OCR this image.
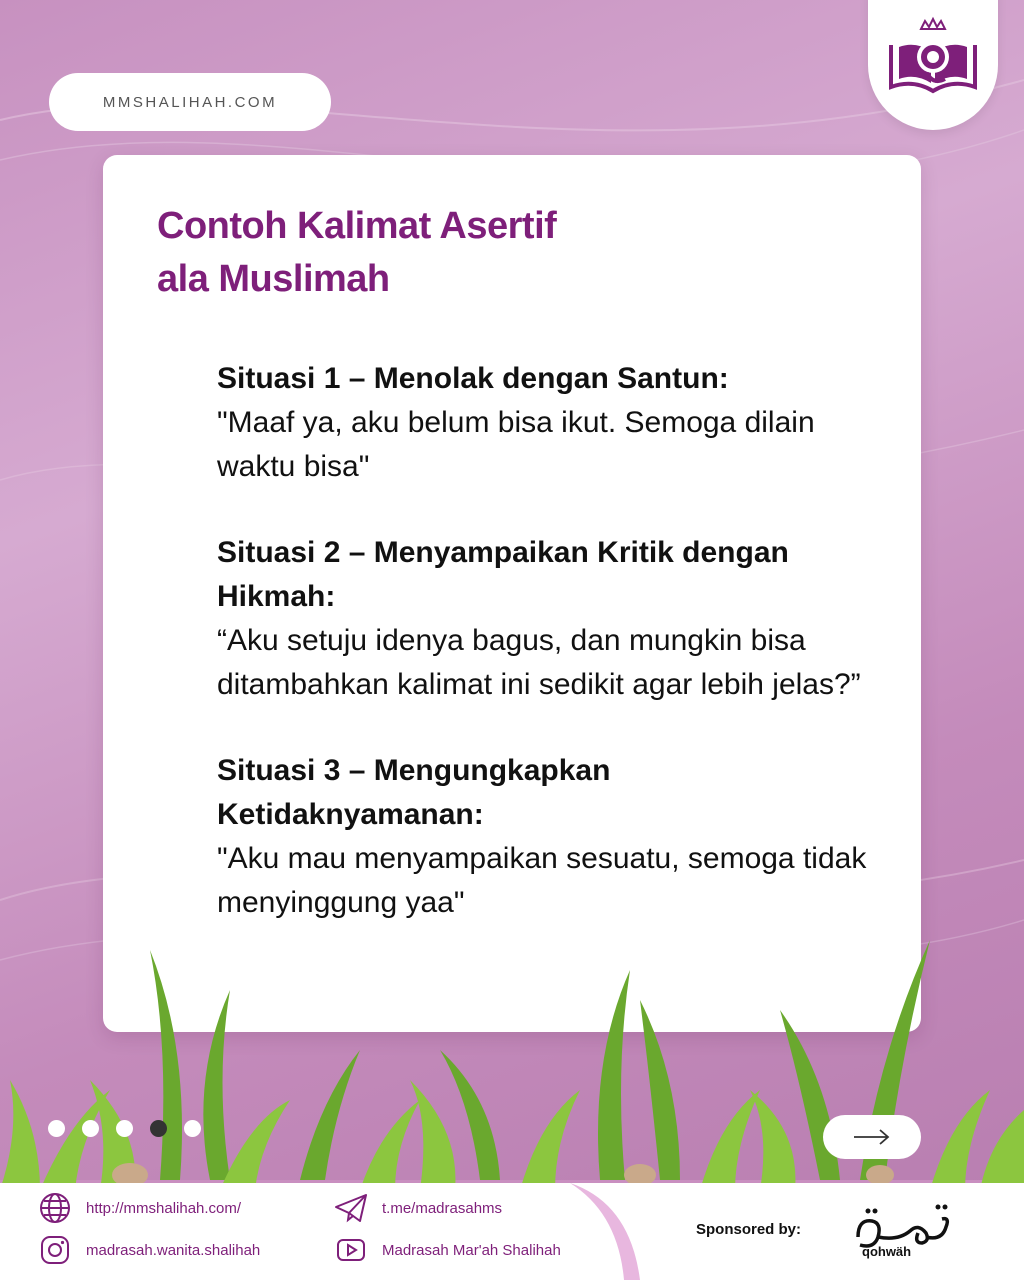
MMSHALIHAH.COM
Contoh Kalimat Asertif
ala Muslimah
Situasi 1 – Menolak dengan Santun:
"Maaf ya, aku belum bisa ikut. Semoga dilain waktu bisa"
Situasi 2 – Menyampaikan Kritik dengan Hikmah:
“Aku setuju idenya bagus, dan mungkin bisa ditambahkan kalimat ini sedikit agar lebih jelas?”
Situasi 3 – Mengungkapkan Ketidaknyamanan:
"Aku mau menyampaikan sesuatu, semoga tidak menyinggung yaa"
http://mmshalihah.com/
madrasah.wanita.shalihah
t.me/madrasahms
Madrasah Mar'ah Shalihah
Sponsored by:
qohwäh
